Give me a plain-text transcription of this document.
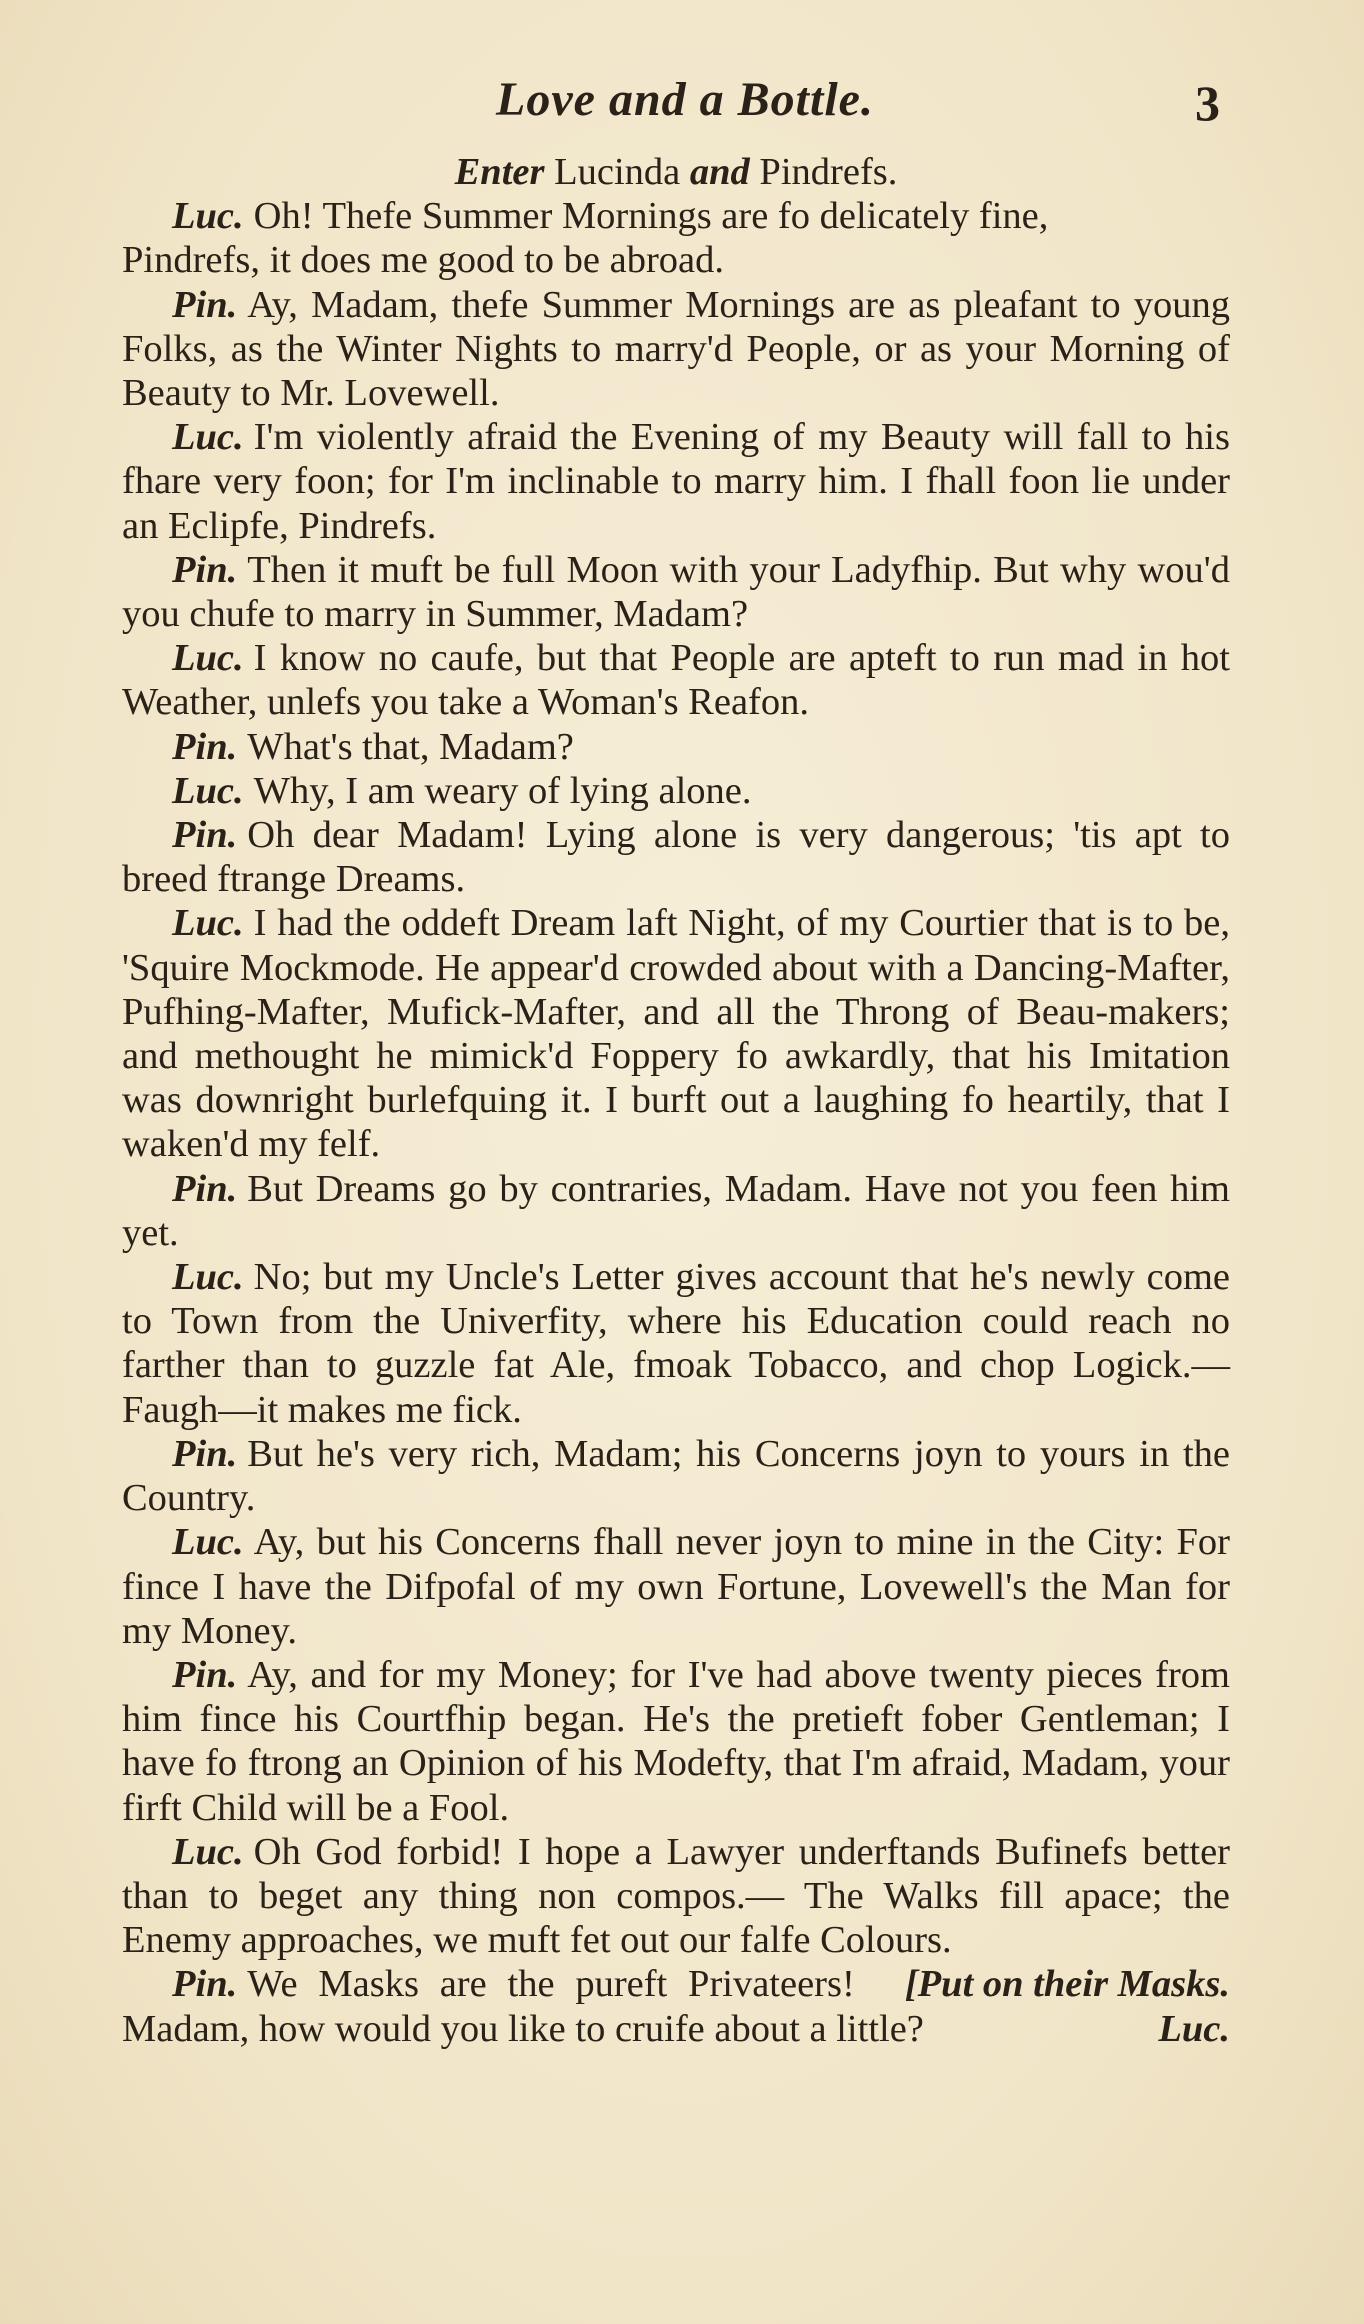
Love and a Bottle.	3

Enter Lucinda and Pindrefs.

Luc. Oh! Thefe Summer Mornings are fo delicately fine,

Pindrefs, it does me good to be abroad.

Pin. Ay, Madam, thefe Summer Mornings are as pleafant to young Folks, as the Winter Nights to marry'd People, or as your Morning of Beauty to Mr. Lovewell.

Luc. I'm violently afraid the Evening of my Beauty will fall to his fhare very foon; for I'm inclinable to marry him. I fhall foon lie under an Eclipfe, Pindrefs.

Pin. Then it muft be full Moon with your Ladyfhip. But why wou'd you chufe to marry in Summer, Madam?

Luc. I know no caufe, but that People are apteft to run mad in hot Weather, unlefs you take a Woman's Reafon.

Pin. What's that, Madam?

Luc. Why, I am weary of lying alone.

Pin. Oh dear Madam! Lying alone is very dangerous; 'tis apt to breed ftrange Dreams.

Luc. I had the oddeft Dream laft Night, of my Courtier that is to be, 'Squire Mockmode. He appear'd crowded about with a Dancing-Mafter, Pufhing-Mafter, Mufick-Mafter, and all the Throng of Beau-makers; and methought he mimick'd Foppery fo awkardly, that his Imitation was downright burlefquing it. I burft out a laughing fo heartily, that I waken'd my felf.

Pin. But Dreams go by contraries, Madam. Have not you feen him yet.

Luc. No; but my Uncle's Letter gives account that he's newly come to Town from the Univerfity, where his Education could reach no farther than to guzzle fat Ale, fmoak Tobacco, and chop Logick.—Faugh—it makes me fick.

Pin. But he's very rich, Madam; his Concerns joyn to yours in the Country.

Luc. Ay, but his Concerns fhall never joyn to mine in the City: For fince I have the Difpofal of my own Fortune, Lovewell's the Man for my Money.

Pin. Ay, and for my Money; for I've had above twenty pieces from him fince his Courtfhip began. He's the pretieft fober Gentleman; I have fo ftrong an Opinion of his Modefty, that I'm afraid, Madam, your firft Child will be a Fool.

Luc. Oh God forbid! I hope a Lawyer underftands Bufinefs better than to beget any thing non compos.— The Walks fill apace; the Enemy approaches, we muft fet out our falfe Colours.
[Put on their Masks.

Pin. We Masks are the pureft Privateers! Madam, how would you like to cruife about a little?	Luc.
